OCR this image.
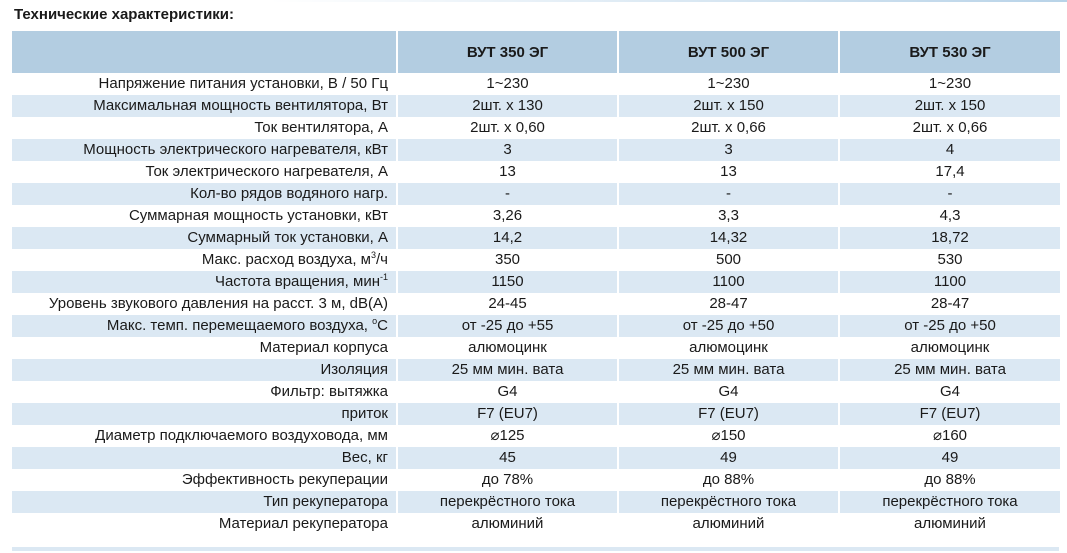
Технические характеристики:
	ВУТ 350 ЭГ	ВУТ 500 ЭГ	ВУТ 530 ЭГ
Напряжение питания установки, В / 50 Гц	1~230	1~230	1~230
Максимальная мощность вентилятора, Вт	2шт. х 130	2шт. х 150	2шт. х 150
Ток вентилятора, А	2шт. х 0,60	2шт. х 0,66	2шт. х 0,66
Мощность электрического нагревателя, кВт	3	3	4
Ток электрического нагревателя, А	13	13	17,4
Кол-во рядов водяного нагр.	-	-	-
Суммарная мощность установки, кВт	3,26	3,3	4,3
Суммарный ток установки, А	14,2	14,32	18,72
Макс. расход воздуха, $м^3/ч$	350	500	530
Частота вращения, мин$^{-1}$	1150	1100	1100
Уровень звукового давления на расст. 3 м, dB(A)	24-45	28-47	28-47
Макс. темп. перемещаемого воздуха, $^о$С	от -25 до +55	от -25 до +50	от -25 до +50
Материал корпуса	алюмоцинк	алюмоцинк	алюмоцинк
Изоляция	25 мм мин. вата	25 мм мин. вата	25 мм мин. вата
Фильтр: вытяжка	G4	G4	G4
приток	F7 (EU7)	F7 (EU7)	F7 (EU7)
Диаметр подключаемого воздуховода, мм	⌀125	⌀150	⌀160
Вес, кг	45	49	49
Эффективность рекуперации	до 78%	до 88%	до 88%
Тип рекуператора	перекрёстного тока	перекрёстного тока	перекрёстного тока
Материал рекуператора	алюминий	алюминий	алюминий
